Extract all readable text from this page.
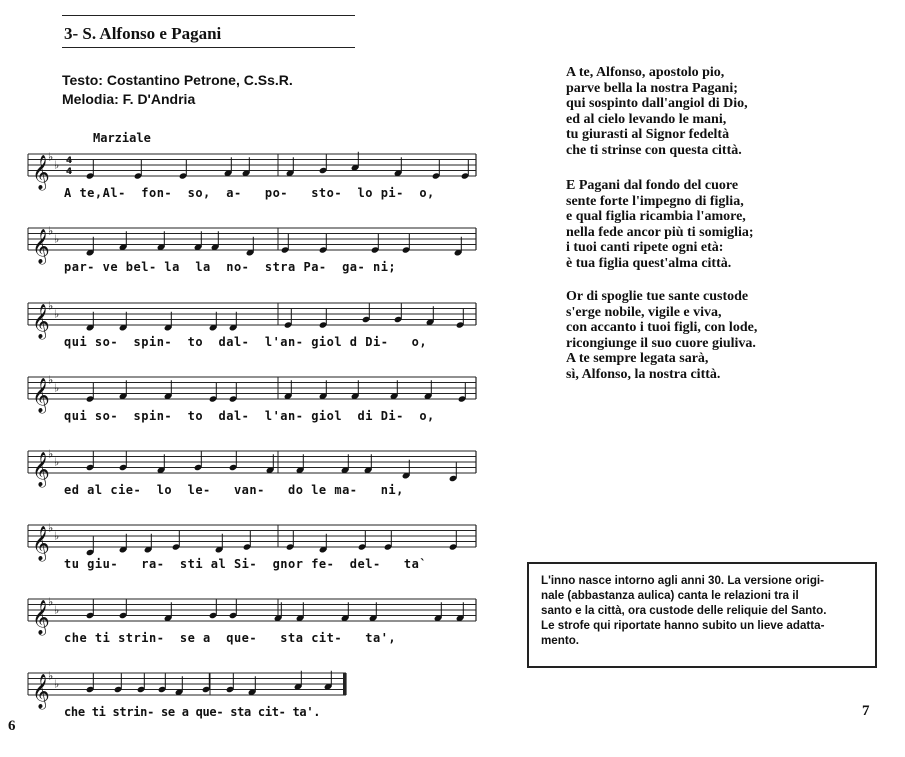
3- S. Alfonso e Pagani
Testo: Costantino Petrone, C.Ss.R.
Melodia: F. D'Andria
Marziale
𝄞
♭
♭ 4
4
𝄞
♭
♭
𝄞
♭
♭
𝄞
♭
♭
𝄞
♭
♭
𝄞
♭
♭
𝄞
♭
♭
𝄞
♭
♭
A te,Al-  fon-  so,  a-   po-   sto-  lo pi-  o,
par- ve bel- la  la  no-  stra Pa-  ga- ni;
qui so-  spin-  to  dal-  l'an- giol d Di-   o,
qui so-  spin-  to  dal-  l'an- giol  di Di-  o,
ed al cie-  lo  le-   van-   do le ma-   ni,
tu giu-   ra-  sti al Si-  gnor fe-  del-   ta`
che ti strin-  se a  que-   sta cit-   ta',
che ti strin- se a que- sta cit- ta'.
A te, Alfonso, apostolo pio,
parve bella la nostra Pagani;
qui sospinto dall'angiol di Dio,
ed al cielo levando le mani,
tu giurasti al Signor fedeltà
che ti strinse con questa città.
E Pagani dal fondo del cuore
sente forte l'impegno di figlia,
e qual figlia ricambia l'amore,
nella fede ancor più ti somiglia;
i tuoi canti ripete ogni età:
è tua figlia quest'alma città.
Or di spoglie tue sante custode
s'erge nobile, vigile e viva,
con accanto i tuoi figli, con lode,
ricongiunge il suo cuore giuliva.
A te sempre legata sarà,
sì, Alfonso, la nostra città.
L'inno nasce intorno agli anni 30. La versione origi-
nale (abbastanza aulica) canta le relazioni tra il
santo e la città, ora custode delle reliquie del Santo.
Le strofe qui riportate hanno subito un lieve adatta-
mento.
6
7
